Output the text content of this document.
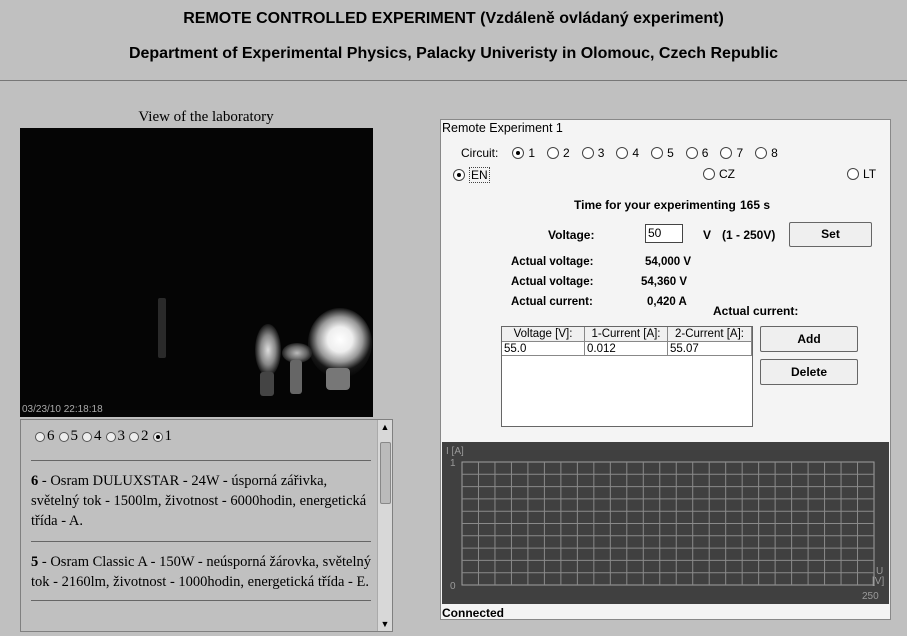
REMOTE CONTROLLED EXPERIMENT (Vzdáleně ovládaný experiment)
Department of Experimental Physics, Palacky Univeristy in Olomouc, Czech Republic
View of the laboratory
03/23/10 22:18:18
6 5 4 3 2 1
6 - Osram DULUXSTAR - 24W - úsporná zářivka, světelný tok - 1500lm, životnost - 6000hodin, energetická třída - A.
5 - Osram Classic A - 150W - neúsporná žárovka, světelný tok - 2160lm, životnost - 1000hodin, energetická třída - E.
▲
▼
Remote Experiment 1
Circuit:	1 2 3 4 5 6 7 8
EN	CZ	LT
Time for your experimenting 165 s
Voltage:	50	V (1 - 250V)	Set
Actual voltage:	54,000 V
Actual voltage:	54,360 V
Actual current:	0,420 A
Actual current:
Voltage [V]:	1-Current [A]:	2-Current [A]:
55.0	0.012	55.07
Add
Delete
I [A]
1
0
U
[V]
250
Connected
